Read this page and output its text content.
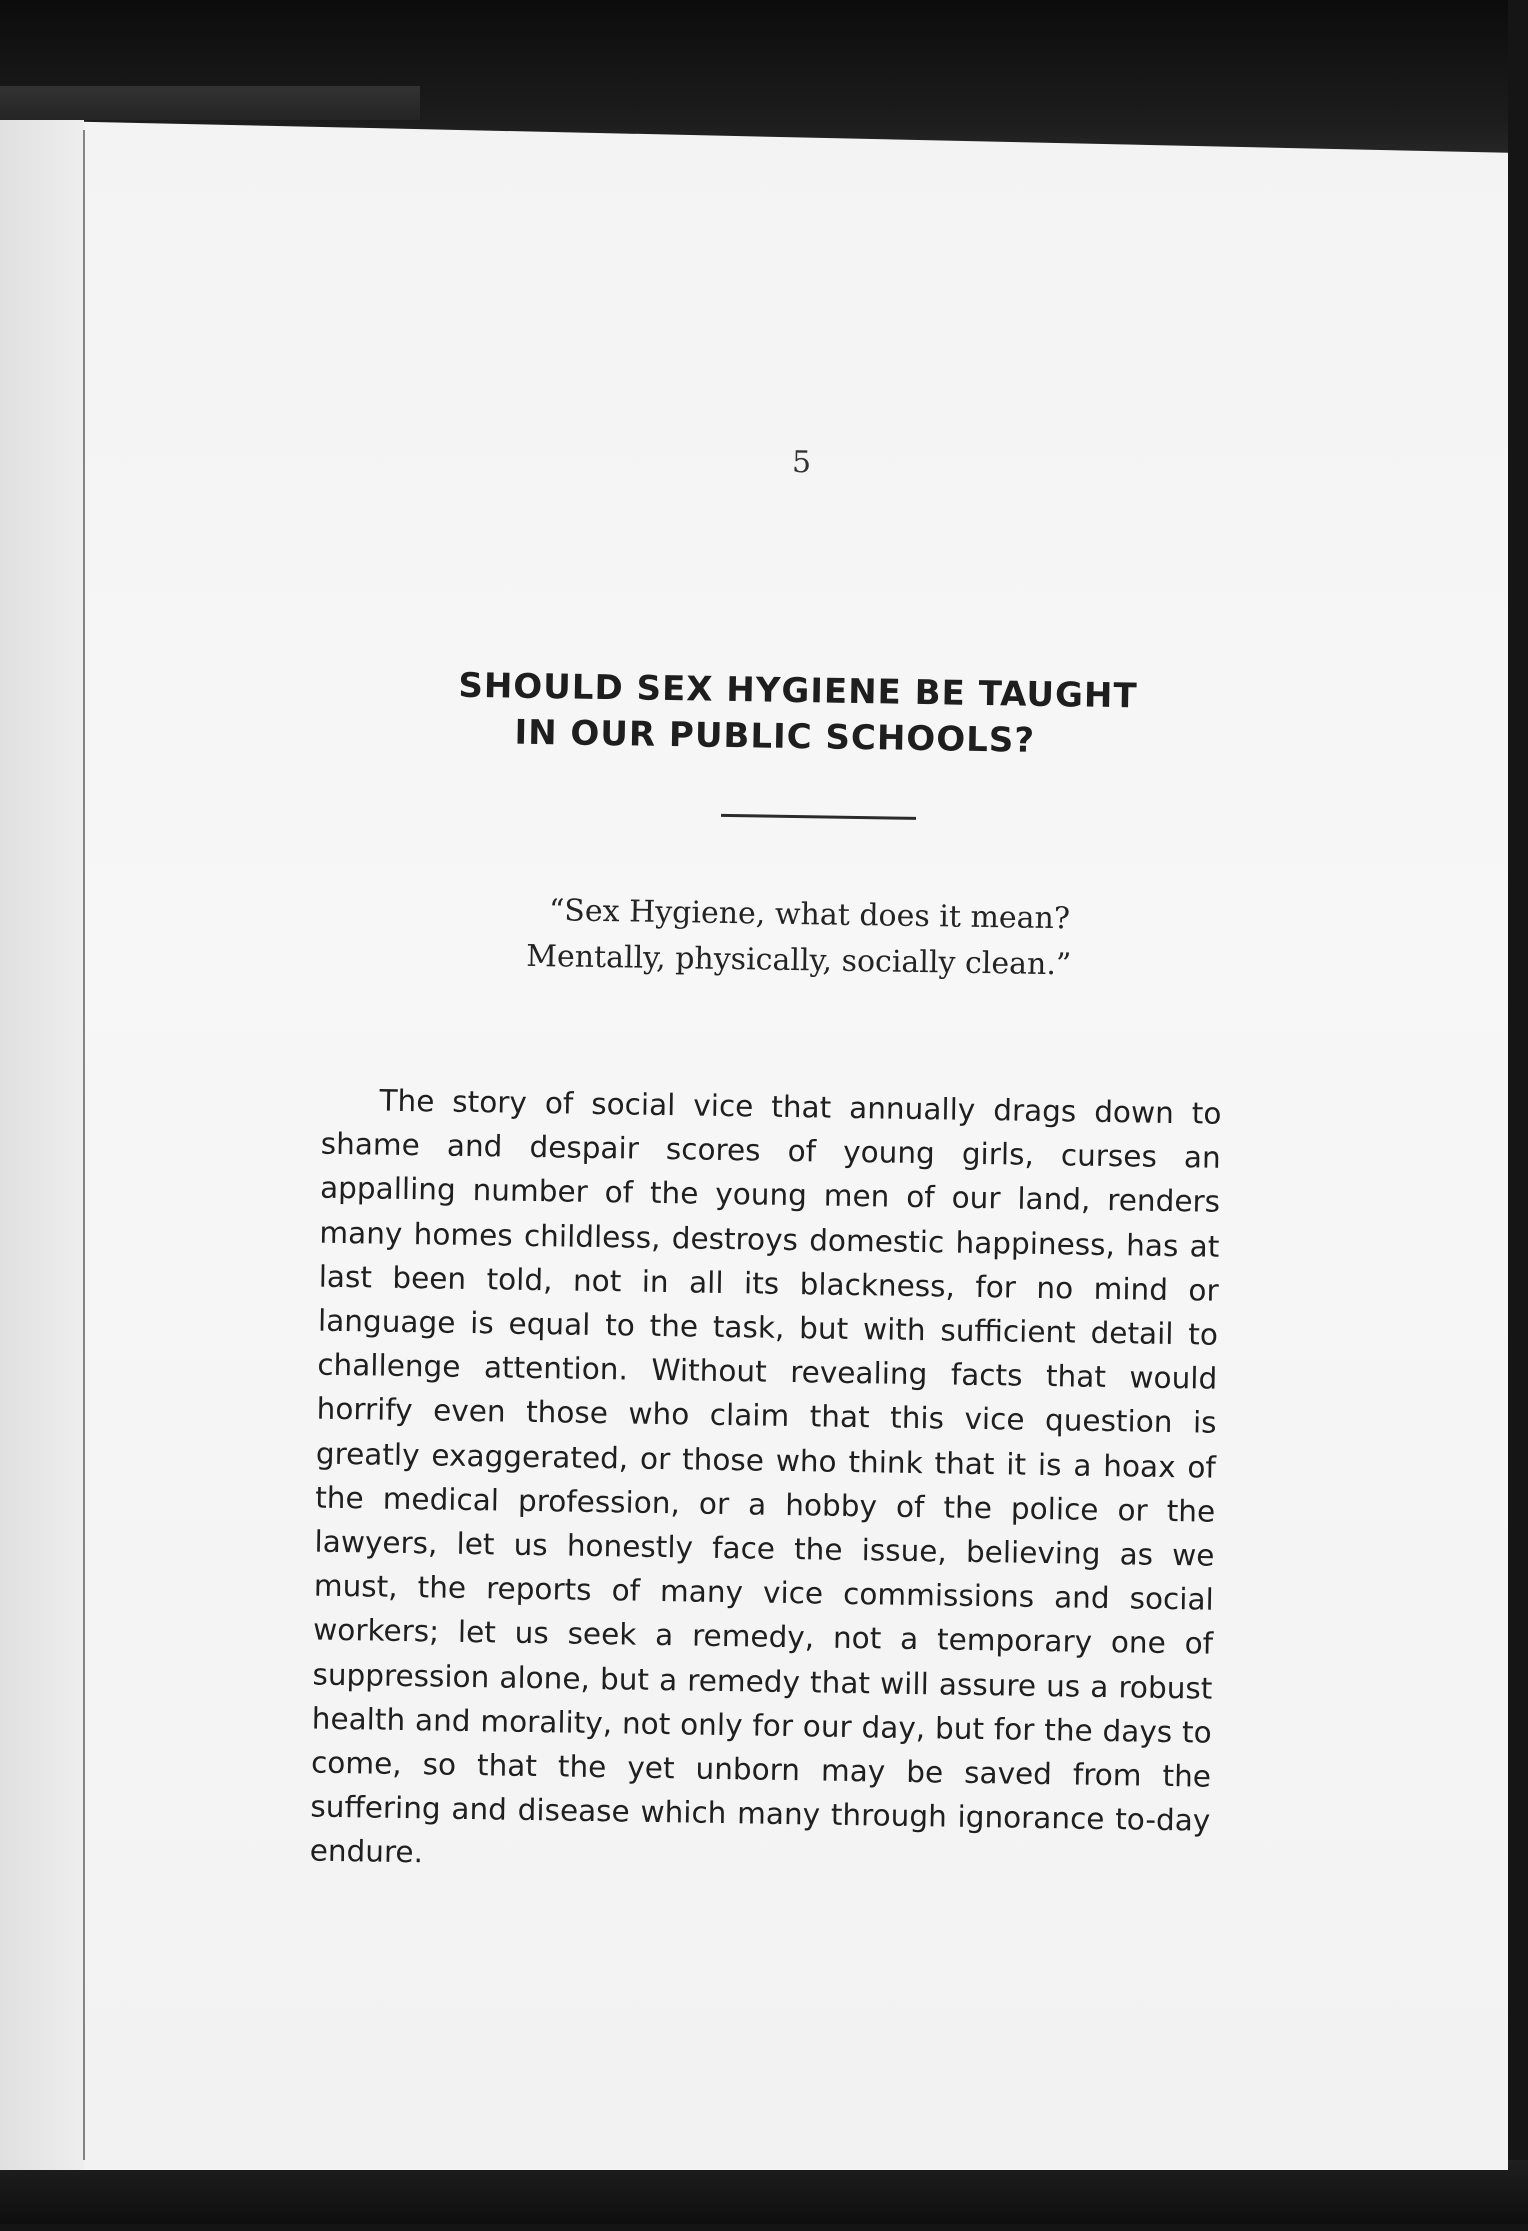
5
SHOULD SEX HYGIENE BE TAUGHT
IN OUR PUBLIC SCHOOLS?
“Sex Hygiene, what does it mean?
Mentally, physically, socially clean.”

The story of social vice that annually drags down to shame and despair scores of young girls, curses an appalling number of the young men of our land, renders many homes childless, destroys domestic happiness, has at last been told, not in all its blackness, for no mind or language is equal to the task, but with sufficient detail to challenge attention. Without revealing facts that would horrify even those who claim that this vice question is greatly exaggerated, or those who think that it is a hoax of the medical profession, or a hobby of the police or the lawyers, let us honestly face the issue, believing as we must, the reports of many vice commissions and social workers; let us seek a remedy, not a temporary one of suppression alone, but a remedy that will assure us a robust health and morality, not only for our day, but for the days to come, so that the yet unborn may be saved from the suffering and disease which many through ignorance to-day endure.
